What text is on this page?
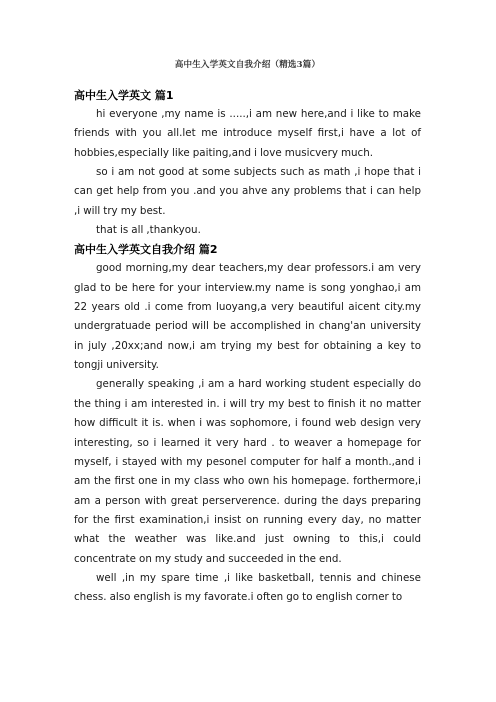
高中生入学英文自我介绍（精选3篇）
高中生入学英文 篇1

hi everyone ,my name is .....,i am new here,and i like to make friends with you all.let me introduce myself first,i have a lot of hobbies,especially like paiting,and i love musicvery much.

so i am not good at some subjects such as math ,i hope that i can get help from you .and you ahve any problems that i can help ,i will try my best.

that is all ,thankyou.

高中生入学英文自我介绍 篇2

good morning,my dear teachers,my dear professors.i am very glad to be here for your interview.my name is song yonghao,i am 22 years old .i come from luoyang,a very beautiful aicent city.my undergratuade period will be accomplished in chang'an university in july ,20xx;and now,i am trying my best for obtaining a key to tongji university.

generally speaking ,i am a hard working student especially do the thing i am interested in. i will try my best to finish it no matter how difficult it is. when i was sophomore, i found web design very interesting, so i learned it very hard . to weaver a homepage for myself, i stayed with my pesonel computer for half a month.,and i am the first one in my class who own his homepage. forthermore,i am a person with great perserverence. during the days preparing for the first examination,i insist on running every day, no matter what the weather was like.and just owning to this,i could concentrate on my study and succeeded in the end.

well ,in my spare time ,i like basketball, tennis and chinese chess. also english is my favorate.i often go to english corner to
